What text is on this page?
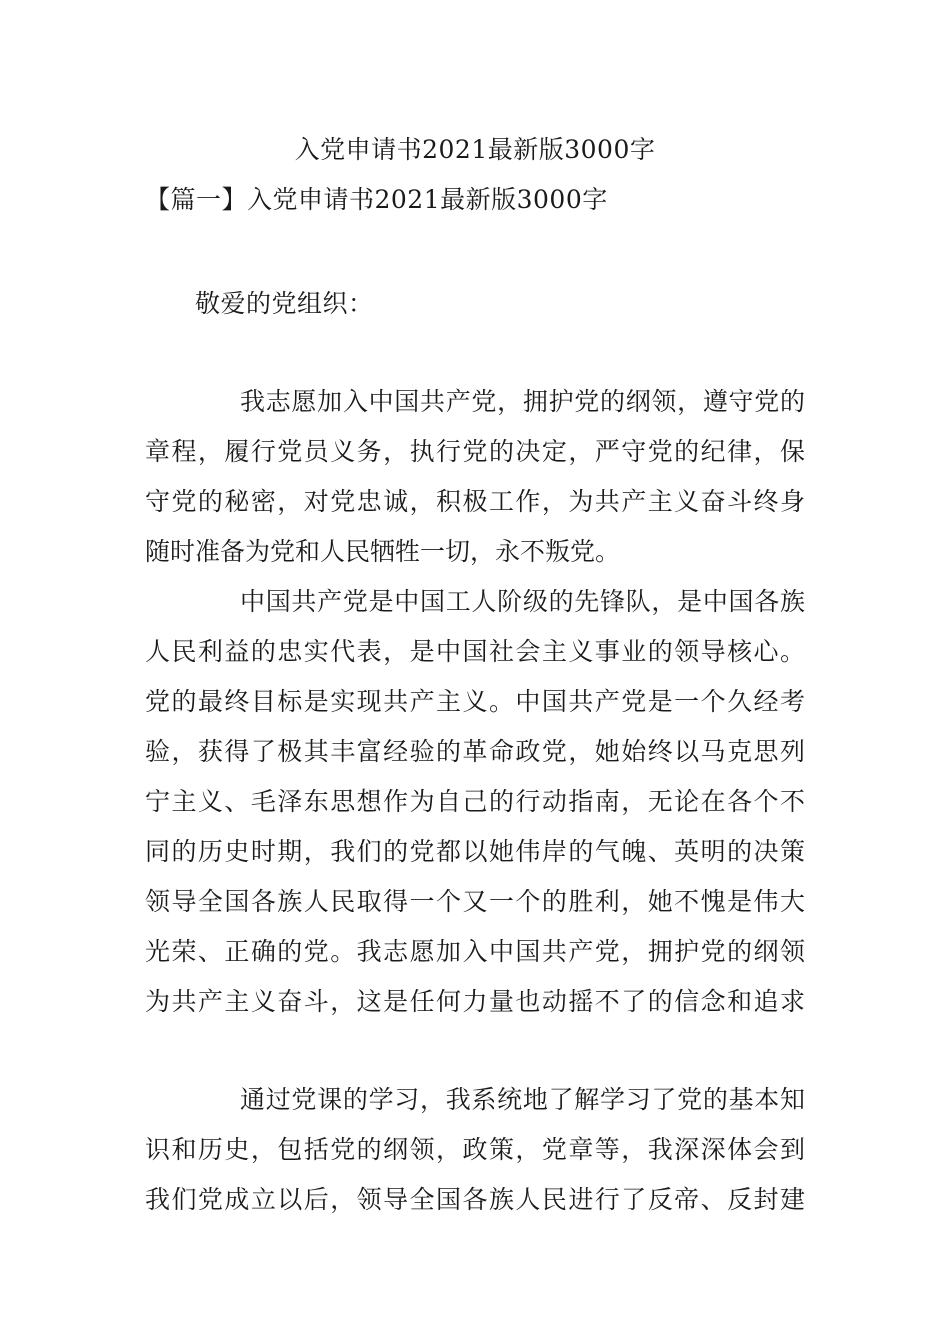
入党申请书2021最新版3000字
【篇一】入党申请书2021最新版3000字
敬爱的党组织：
我志愿加入中国共产党，拥护党的纲领，遵守党的
章程，履行党员义务，执行党的决定，严守党的纪律，保
守党的秘密，对党忠诚，积极工作，为共产主义奋斗终身
随时准备为党和人民牺牲一切，永不叛党。
中国共产党是中国工人阶级的先锋队，是中国各族
人民利益的忠实代表，是中国社会主义事业的领导核心。
党的最终目标是实现共产主义。中国共产党是一个久经考
验，获得了极其丰富经验的革命政党，她始终以马克思列
宁主义、毛泽东思想作为自己的行动指南，无论在各个不
同的历史时期，我们的党都以她伟岸的气魄、英明的决策
领导全国各族人民取得一个又一个的胜利，她不愧是伟大
光荣、正确的党。我志愿加入中国共产党，拥护党的纲领
为共产主义奋斗，这是任何力量也动摇不了的信念和追求
通过党课的学习，我系统地了解学习了党的基本知
识和历史，包括党的纲领，政策，党章等，我深深体会到
我们党成立以后，领导全国各族人民进行了反帝、反封建
